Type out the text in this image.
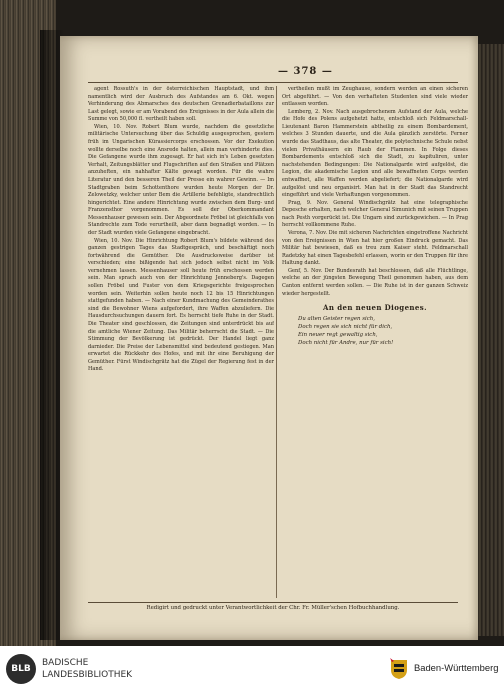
— 378 —

agent Rossuth's in der österreichischen Hauptstadt, und ihm namentlich wird der Ausbruch des Aufstandes am 6. Okt. wegen Verhinderung des Abmarsches des deutschen Grenadierbataillons zur Last gelegt, sowie er am Vorabend des Ereignisses in der Aula allein die Summe von 50,000 fl. vertheilt haben soll.

Wien, 10. Nov. Robert Blum wurde, nachdem die gesetzliche militärische Untersuchung über das Schuldig ausgesprochen, gestern früh im Ungarischen Kürassiercorps erschossen. Vor der Exekution wollte derselbe noch eine Ansrede halten, allein man verhinderte dies. Die Gefangene wurde ihm zugesagt. Er hat sich in's Leben gesetzten Verhalt, Zeitungsblätter und Flugschriften auf den Straßen und Plätzen anzuheften, ein nahhafter Kälte gewagt worden. Für die wahre Literatur und den besseren Theil der Presse ein wahrer Gewinn. — Im Stadtgraben beim Schottenthore wurden heute Morgen der Dr. Zelowetzky, welcher unter Bem die Artillerie befehligte, standrechtlich hingerichtet. Eine andere Hinrichtung wurde zwischen dem Burg- und Franzensthor vorgenommen. Es soll der Oberkommandant Messenhauser gewesen sein. Der Abgeordnete Fröbel ist gleichfalls von Standrechte zum Tode verurtheilt, aber dann begnadigt worden. — In der Stadt wurden viele Gefangene eingebracht.

Wien, 10. Nov. Die Hinrichtung Robert Blum's bildete während des ganzen gestrigen Tages das Stadtgespräch, und beschäftigt noch fortwährend die Gemüther. Die Ausdrucksweise darüber ist verschieden; eine bißigende hat sich jedoch selbst nicht im Volk vernehmen lassen. Messenhauser soll heute früh erschossen werden sein. Man sprach auch von der Hinrichtung Jenneberg's. Dagegen sollen Fröbel und Fuster von dem Kriegsgerichte freigesprochen worden sein. Weiterhin sollen heute noch 12 bis 15 Hinrichtungen stattgefunden haben. — Nach einer Kundmachung des Gemeinderathes sind die Bewohner Wiens aufgefordert, ihre Waffen abzuliefern. Die Hausdurchsuchungen dauern fort. Es herrscht tiefe Ruhe in der Stadt. Die Theater sind geschlossen, die Zeitungen sind unterdrückt bis auf die amtliche Wiener Zeitung. Das Militär beherrscht die Stadt. — Die Stimmung der Bevölkerung ist gedrückt. Der Handel liegt ganz darnieder. Die Preise der Lebensmittel sind bedeutend gestiegen. Man erwartet die Rückkehr des Hofes, und mit ihr eine Beruhigung der Gemüther. Fürst Windischgrätz hat die Zügel der Regierung fest in der Hand.

vertheilen mußt im Zeughause, sondern werden an einen sicheren Ort abgeführt. — Von den verhafteten Studenten sind viele wieder entlassen worden.

Lemberg, 2. Nov. Nach ausgebrochenem Aufstand der Aula, welche die Hofe des Polens aufgehetzt hatte, entschloß sich Feldmarschall-Lieutenant Baron Hammerstein abtheilig zu einem Bombardement, welches 3 Stunden dauerte, und die Aula gänzlich zerstörte. Ferner wurde das Stadthaus, das alte Theater, die polytechnische Schule nebst vielen Privathäusern ein Raub der Flammen. In Folge dieses Bombardements entschloß sich die Stadt, zu kapituliren, unter nachstehenden Bedingungen: Die Nationalgarde wird aufgelöst, die Legion, die akademische Legion und alle bewaffneten Corps werden entwaffnet, alle Waffen werden abgeliefert; die Nationalgarde wird aufgelöst und neu organisirt. Man hat in der Stadt das Standrecht eingeführt und viele Verhaftungen vorgenommen.

Prag, 9. Nov. General Windischgrätz hat eine telegraphische Depesche erhalten, nach welcher General Simunich mit seinen Truppen nach Pesth vorgerückt ist. Die Ungarn sind zurückgewichen. — In Prag herrscht vollkommene Ruhe.

Verona, 7. Nov. Die mit sicheren Nachrichten eingetroffene Nachricht von den Ereignissen in Wien hat hier großen Eindruck gemacht. Das Militär hat bewiesen, daß es treu zum Kaiser steht. Feldmarschall Radetzky hat einen Tagesbefehl erlassen, worin er den Truppen für ihre Haltung dankt.

Genf, 5. Nov. Der Bundesrath hat beschlossen, daß alle Flüchtlinge, welche an der jüngsten Bewegung Theil genommen haben, aus dem Canton entfernt werden sollen. — Die Ruhe ist in der ganzen Schweiz wieder hergestellt.

An den neuen Diogenes.
Du alten Geister regen sich,
Doch regen sie sich nicht für dich,
Ein neuer regt gewaltig sich,
Doch nicht für Andre, nur für sich!
Redigirt und gedruckt unter Verantwortlichkeit der Chr. Fr. Müller'schen Hofbuchhandlung.
BLB
BADISCHE
LANDESBIBLIOTHEK
Baden-Württemberg
